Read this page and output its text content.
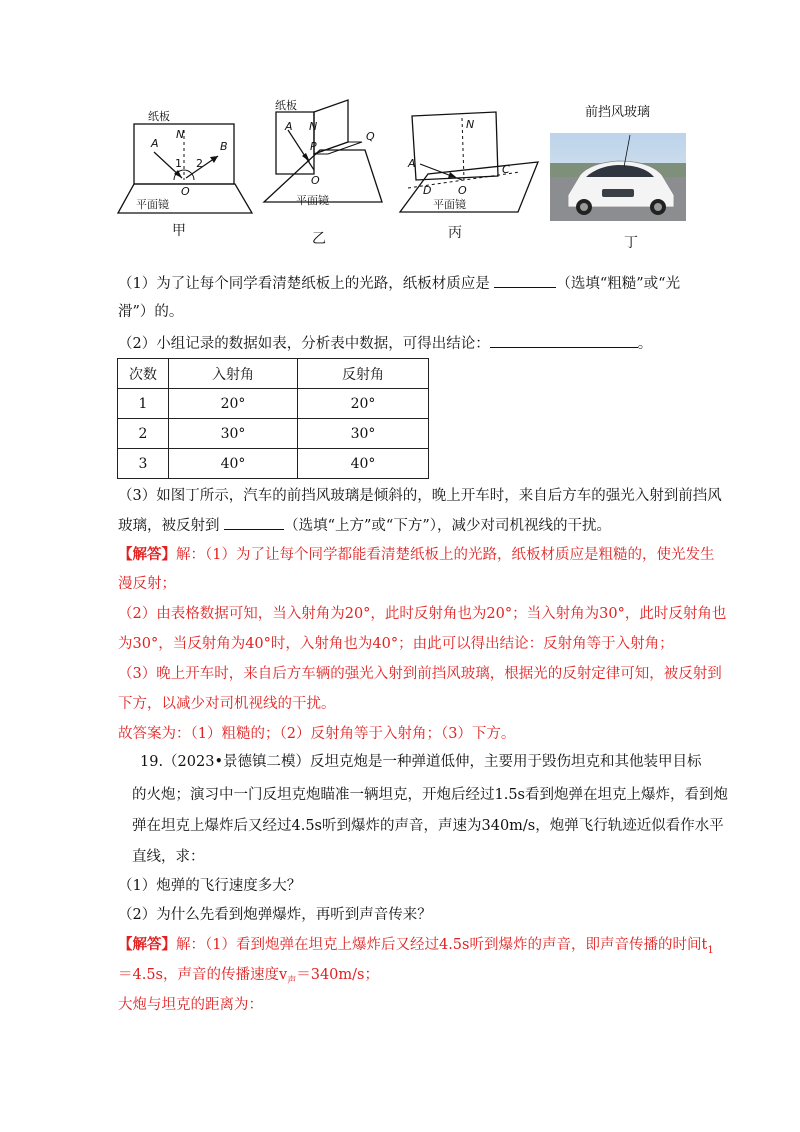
纸板
N
A	B
1 2
O
平面镜
甲
纸板
A N
P
Q
O
平面镜
乙
N
A	C
D O
平面镜
丙
前挡风玻璃
丁
（1）为了让每个同学看清楚纸板上的光路，纸板材质应是	（选填“粗糙”或“光
滑”）的。
（2）小组记录的数据如表，分析表中数据，可得出结论：	。
次数	入射角	反射角
1	20°	20°
2	30°	30°
3	40°	40°
（3）如图丁所示，汽车的前挡风玻璃是倾斜的，晚上开车时，来自后方车的强光入射到前挡风
玻璃，被反射到	（选填“上方”或“下方”），减少对司机视线的干扰。
【解答】解：（1）为了让每个同学都能看清楚纸板上的光路，纸板材质应是粗糙的，使光发生
漫反射；
（2）由表格数据可知，当入射角为20°，此时反射角也为20°；当入射角为30°，此时反射角也
为30°，当反射角为40°时，入射角也为40°；由此可以得出结论：反射角等于入射角；
（3）晚上开车时，来自后方车辆的强光入射到前挡风玻璃，根据光的反射定律可知，被反射到
下方，以减少对司机视线的干扰。
故答案为：（1）粗糙的；（2）反射角等于入射角；（3）下方。
19.（2023•景德镇二模）反坦克炮是一种弹道低伸，主要用于毁伤坦克和其他装甲目标
的火炮；演习中一门反坦克炮瞄准一辆坦克，开炮后经过1.5s看到炮弹在坦克上爆炸，看到炮
弹在坦克上爆炸后又经过4.5s听到爆炸的声音，声速为340m/s，炮弹飞行轨迹近似看作水平
直线，求：
（1）炮弹的飞行速度多大？
（2）为什么先看到炮弹爆炸，再听到声音传来？
【解答】解：（1）看到炮弹在坦克上爆炸后又经过4.5s听到爆炸的声音，即声音传播的时间$t_1$
＝4.5s，声音的传播速度$v_声=340m/s$；
大炮与坦克的距离为：
